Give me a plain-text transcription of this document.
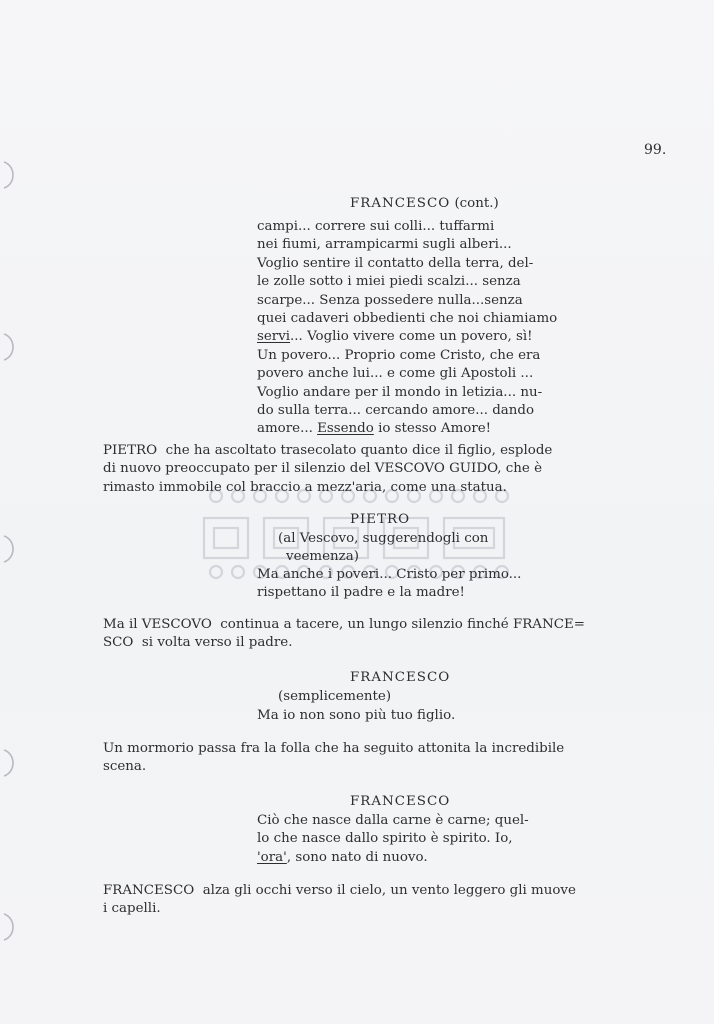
99.
FRANCESCO (cont.)
campi... correre sui colli... tuffarmi
nei fiumi, arrampicarmi sugli alberi...
Voglio sentire il contatto della terra, del-
le zolle sotto i miei piedi scalzi... senza
scarpe... Senza possedere nulla...senza
quei cadaveri obbedienti che noi chiamiamo
servi... Voglio vivere come un povero, sì!
Un povero... Proprio come Cristo, che era
povero anche lui... e come gli Apostoli ...
Voglio andare per il mondo in letizia... nu-
do sulla terra... cercando amore... dando
amore... Essendo io stesso Amore!
PIETRO  che ha ascoltato trasecolato quanto dice il figlio, esplode
di nuovo preoccupato per il silenzio del VESCOVO GUIDO, che è
rimasto immobile col braccio a mezz'aria, come una statua.
PIETRO
(al Vescovo, suggerendogli con
veemenza)
Ma anche i poveri... Cristo per primo...
rispettano il padre e la madre!
Ma il VESCOVO  continua a tacere, un lungo silenzio finché FRANCE=
SCO  si volta verso il padre.
FRANCESCO
(semplicemente)
Ma io non sono più tuo figlio.
Un mormorio passa fra la folla che ha seguito attonita la incredibile
scena.
FRANCESCO
Ciò che nasce dalla carne è carne; quel-
lo che nasce dallo spirito è spirito. Io,
'ora', sono nato di nuovo.
FRANCESCO  alza gli occhi verso il cielo, un vento leggero gli muove
i capelli.
